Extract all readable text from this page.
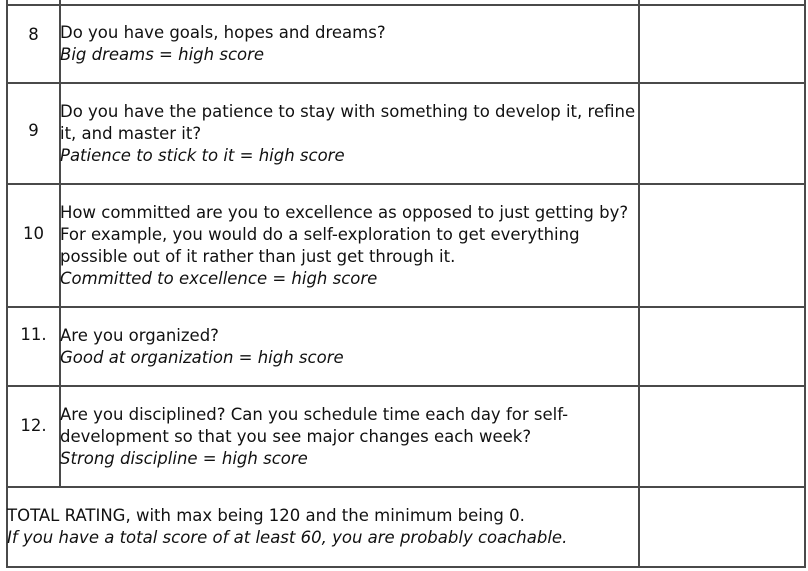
8	Do you have goals, hopes and dreams?
Big dreams = high score	

9	Do you have the patience to stay with something to develop it, refine it, and master it?
Patience to stick to it = high score	

10	How committed are you to excellence as opposed to just getting by? For example, you would do a self-exploration to get everything possible out of it rather than just get through it.
Committed to excellence = high score	

11.	Are you organized?
Good at organization = high score	

12.	Are you disciplined? Can you schedule time each day for self-development so that you see major changes each week?
Strong discipline = high score	

TOTAL RATING, with max being 120 and the minimum being 0.
If you have a total score of at least 60, you are probably coachable.		
